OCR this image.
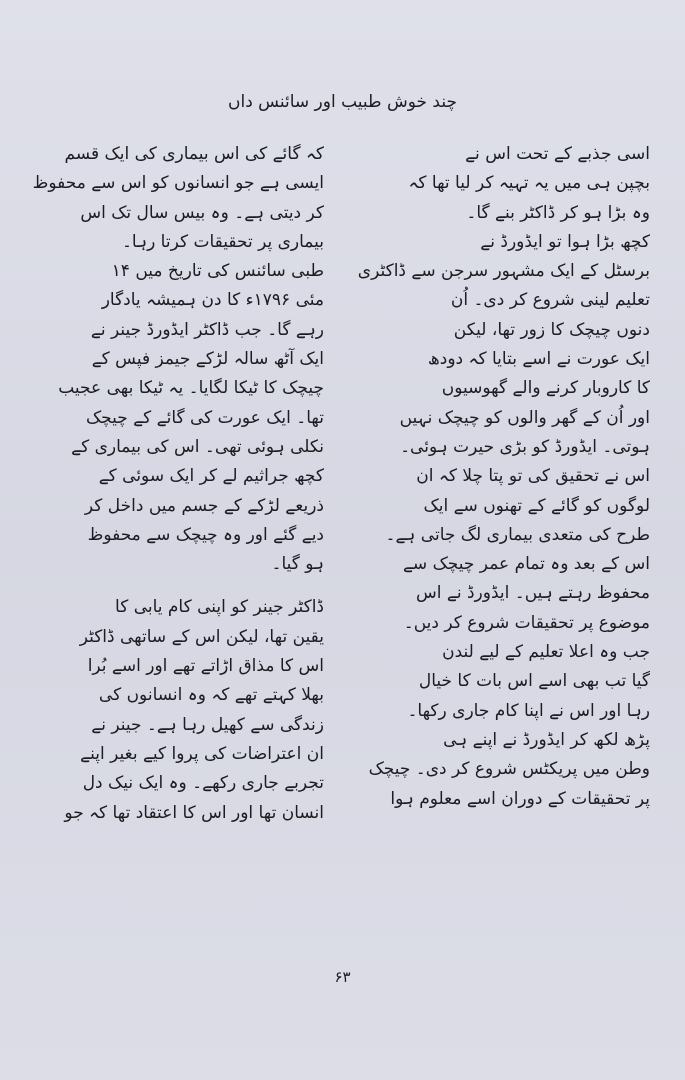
چند خوش طبیب اور سائنس داں
اسی جذبے کے تحت اس نے
بچپن ہی میں یہ تہیہ کر لیا تھا کہ
وہ بڑا ہو کر ڈاکٹر بنے گا۔
کچھ بڑا ہوا تو ایڈورڈ نے
برسٹل کے ایک مشہور سرجن سے ڈاکٹری
تعلیم لینی شروع کر دی۔ اُن
دنوں چیچک کا زور تھا، لیکن
ایک عورت نے اسے بتایا کہ دودھ
کا کاروبار کرنے والے گھوسیوں
اور اُن کے گھر والوں کو چیچک نہیں
ہوتی۔ ایڈورڈ کو بڑی حیرت ہوئی۔
اس نے تحقیق کی تو پتا چلا کہ ان
لوگوں کو گائے کے تھنوں سے ایک
طرح کی متعدی بیماری لگ جاتی ہے۔
اس کے بعد وہ تمام عمر چیچک سے
محفوظ رہتے ہیں۔ ایڈورڈ نے اس
موضوع پر تحقیقات شروع کر دیں۔
جب وہ اعلا تعلیم کے لیے لندن
گیا تب بھی اسے اس بات کا خیال
رہا اور اس نے اپنا کام جاری رکھا۔
پڑھ لکھ کر ایڈورڈ نے اپنے ہی
وطن میں پریکٹس شروع کر دی۔ چیچک
پر تحقیقات کے دوران اسے معلوم ہوا
کہ گائے کی اس بیماری کی ایک قسم
ایسی ہے جو انسانوں کو اس سے محفوظ
کر دیتی ہے۔ وہ بیس سال تک اس
بیماری پر تحقیقات کرتا رہا۔
طبی سائنس کی تاریخ میں ۱۴
مئی ۱۷۹۶ء کا دن ہمیشہ یادگار
رہے گا۔ جب ڈاکٹر ایڈورڈ جینر نے
ایک آٹھ سالہ لڑکے جیمز فپس کے
چیچک کا ٹیکا لگایا۔ یہ ٹیکا بھی عجیب
تھا۔ ایک عورت کی گائے کے چیچک
نکلی ہوئی تھی۔ اس کی بیماری کے
کچھ جراثیم لے کر ایک سوئی کے
ذریعے لڑکے کے جسم میں داخل کر
دیے گئے اور وہ چیچک سے محفوظ
ہو گیا۔
ڈاکٹر جینر کو اپنی کام یابی کا
یقین تھا، لیکن اس کے ساتھی ڈاکٹر
اس کا مذاق اڑاتے تھے اور اسے بُرا
بھلا کہتے تھے کہ وہ انسانوں کی
زندگی سے کھیل رہا ہے۔ جینر نے
ان اعتراضات کی پروا کیے بغیر اپنے
تجربے جاری رکھے۔ وہ ایک نیک دل
انسان تھا اور اس کا اعتقاد تھا کہ جو
۶۳
